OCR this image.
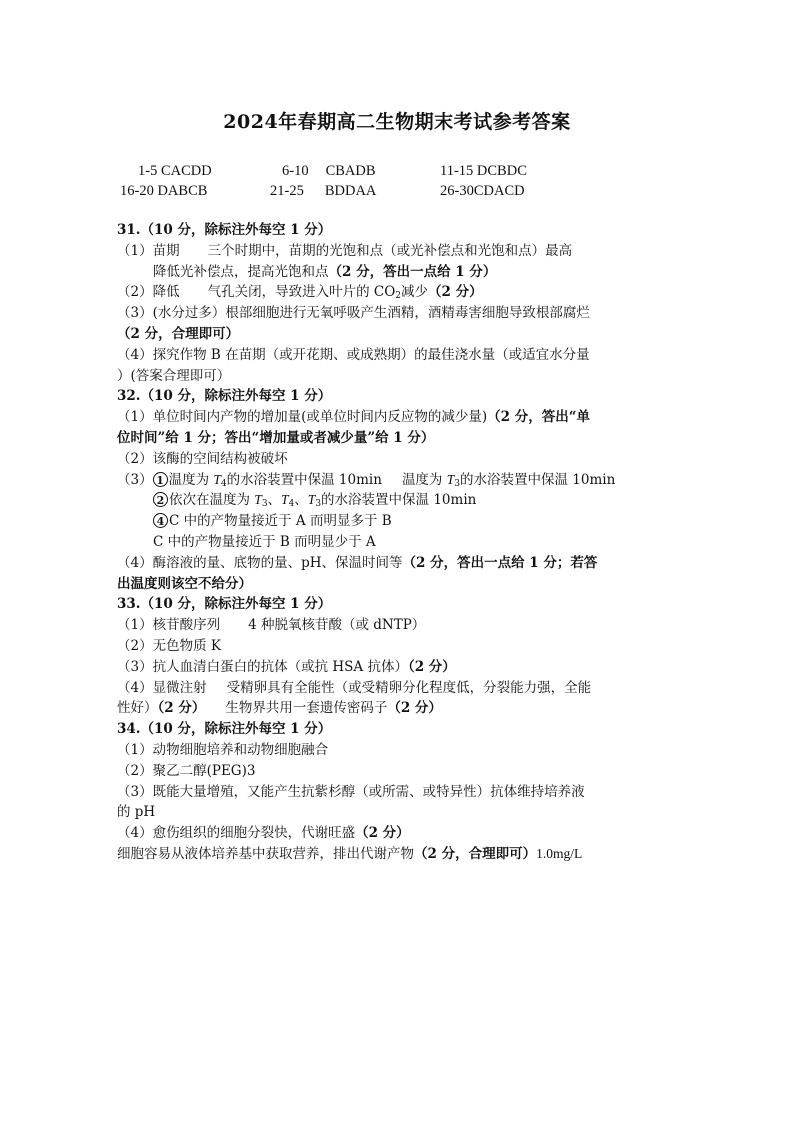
2024年春期高二生物期末考试参考答案
1-5 CACDD	6-10 CBADB	11-15 DCBDC
16-20 DABCB	21-25 BDDAA	26-30CDACD
31.（10 分，除标注外每空 1 分）
（1）苗期 三个时期中，苗期的光饱和点（或光补偿点和光饱和点）最高
降低光补偿点，提高光饱和点（2 分，答出一点给 1 分）
（2）降低 气孔关闭，导致进入叶片的 $CO_2$减少（2 分）
（3）(水分过多）根部细胞进行无氧呼吸产生酒精，酒精毒害细胞导致根部腐烂
（2 分，合理即可）
（4）探究作物 B 在苗期（或开花期、或成熟期）的最佳浇水量（或适宜水分量
）(答案合理即可）
32.（10 分，除标注外每空 1 分）
（1）单位时间内产物的增加量(或单位时间内反应物的减少量)（2 分，答出“单
位时间”给 1 分；答出“增加量或者减少量”给 1 分）
（2）该酶的空间结构被破坏
（3） 1 温度为 $T_4$的水浴装置中保温 10min 温度为 $T_3$的水浴装置中保温 10min
2 依次在温度为 $T_3$、$T_4$、$T_3$的水浴装置中保温 10min
4 C 中的产物量接近于 A 而明显多于 B
C 中的产物量接近于 B 而明显少于 A
（4）酶溶液的量、底物的量、pH、保温时间等（2 分，答出一点给 1 分；若答
出温度则该空不给分）
33.（10 分，除标注外每空 1 分）
（1）核苷酸序列 4 种脱氧核苷酸（或 dNTP）
（2）无色物质 K
（3）抗人血清白蛋白的抗体（或抗 HSA 抗体）（2 分）
（4）显微注射 受精卵具有全能性（或受精卵分化程度低，分裂能力强，全能
性好）（2 分） 生物界共用一套遗传密码子（2 分）
34.（10 分，除标注外每空 1 分）
（1）动物细胞培养和动物细胞融合
（2）聚乙二醇(PEG)3
（3）既能大量增殖，又能产生抗紫杉醇（或所需、或特异性）抗体维持培养液
的 pH
（4）愈伤组织的细胞分裂快，代谢旺盛（2 分）
细胞容易从液体培养基中获取营养，排出代谢产物（2 分，合理即可）1.0mg/L
